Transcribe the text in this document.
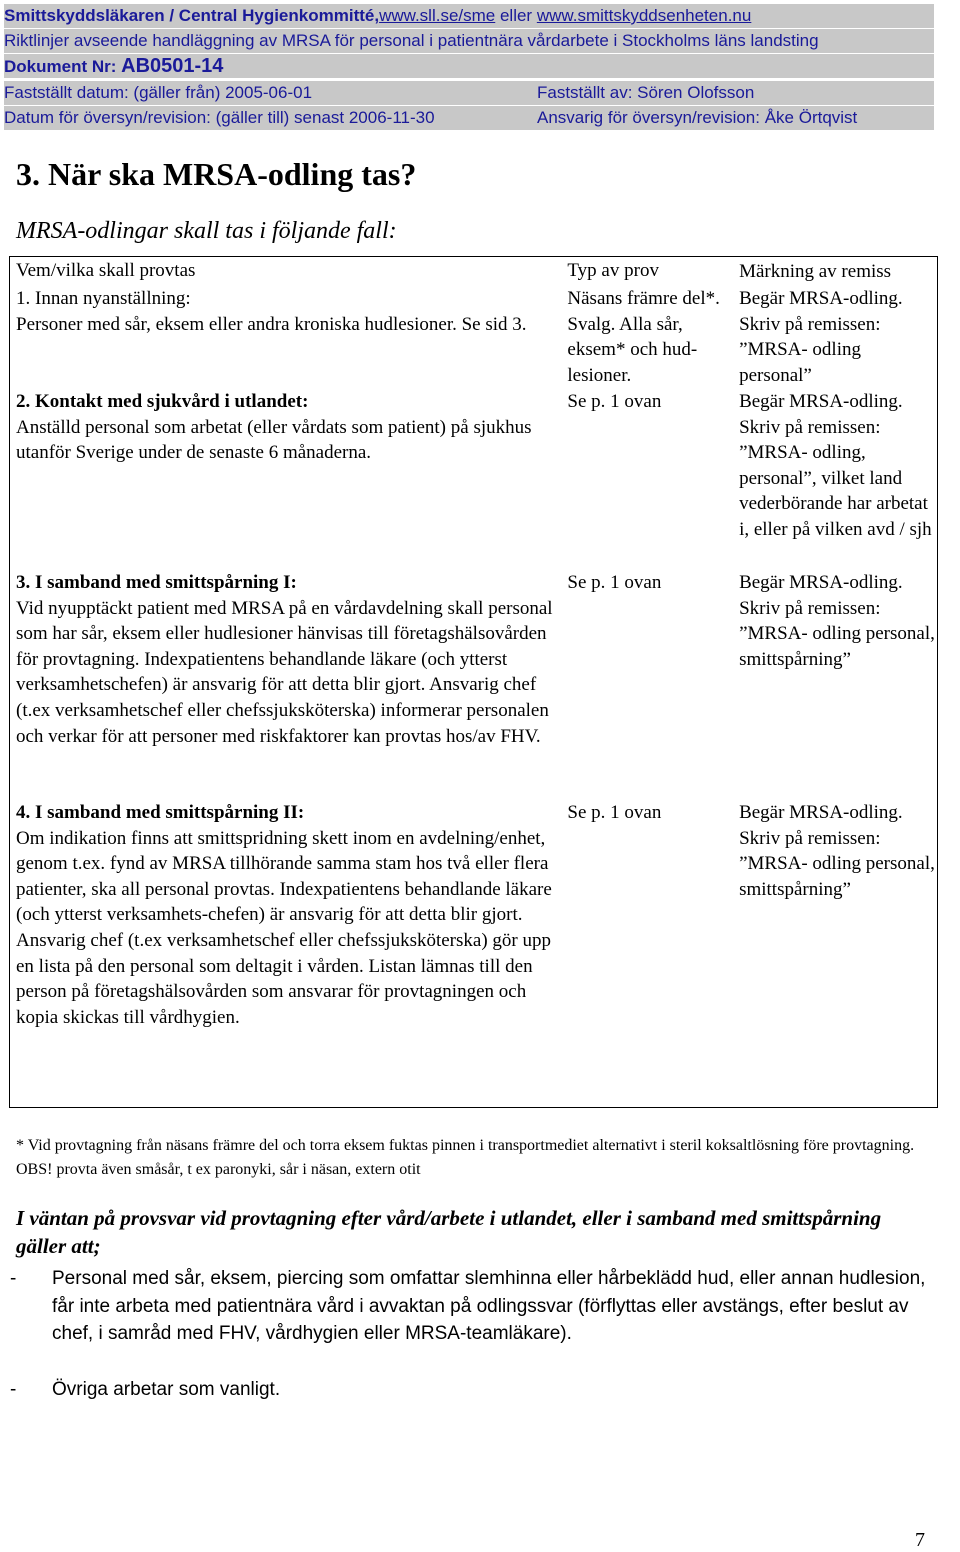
Smittskyddsläkaren / Central Hygienkommitté,www.sll.se/sme eller www.smittskyddsenheten.nu
Riktlinjer avseende handläggning av MRSA för personal i patientnära vårdarbete i Stockholms läns landsting
Dokument Nr: AB0501-14
Fastställt datum: (gäller från) 2005-06-01	Fastställt av: Sören Olofsson
Datum för översyn/revision: (gäller till) senast 2006-11-30	Ansvarig för översyn/revision: Åke Örtqvist
3. När ska MRSA-odling tas?
MRSA-odlingar skall tas i följande fall:
Vem/vilka skall provtas	Typ av prov	Märkning av remiss

1. Innan nyanställning:
Personer med sår, eksem eller andra kroniska hudlesioner. Se sid 3.	Näsans främre del*. Svalg. Alla sår, eksem* och hud-lesioner.	Begär MRSA-odling. Skriv på remissen: ”MRSA- odling personal”

2. Kontakt med sjukvård i utlandet:
Anställd personal som arbetat (eller vårdats som patient) på sjukhus utanför Sverige under de senaste 6 månaderna.	Se p. 1 ovan	Begär MRSA-odling. Skriv på remissen: ”MRSA- odling, personal”, vilket land vederbörande har arbetat i, eller på vilken avd / sjh

3. I samband med smittspårning I:
Vid nyupptäckt patient med MRSA på en vårdavdelning skall personal som har sår, eksem eller hudlesioner hänvisas till företagshälsovården för provtagning. Indexpatientens behandlande läkare (och ytterst verksamhetschefen) är ansvarig för att detta blir gjort. Ansvarig chef (t.ex verksamhetschef eller chefssjuksköterska) informerar personalen och verkar för att personer med riskfaktorer kan provtas hos/av FHV.	Se p. 1 ovan	Begär MRSA-odling. Skriv på remissen: ”MRSA- odling personal, smittspårning”

4. I samband med smittspårning II:
Om indikation finns att smittspridning skett inom en avdelning/enhet, genom t.ex. fynd av MRSA tillhörande samma stam hos två eller flera patienter, ska all personal provtas. Indexpatientens behandlande läkare (och ytterst verksamhets-chefen) är ansvarig för att detta blir gjort. Ansvarig chef (t.ex verksamhetschef eller chefssjuksköterska) gör upp en lista på den personal som deltagit i vården. Listan lämnas till den person på företagshälsovården som ansvarar för provtagningen och kopia skickas till vårdhygien.	Se p. 1 ovan	Begär MRSA-odling. Skriv på remissen: ”MRSA- odling personal, smittspårning”
* Vid provtagning från näsans främre del och torra eksem fuktas pinnen i transportmediet alternativt i steril koksaltlösning före provtagning. OBS! provta även småsår, t ex paronyki, sår i näsan, extern otit
I väntan på provsvar vid provtagning efter vård/arbete i utlandet, eller i samband med smittspårning gäller att;
- Personal med sår, eksem, piercing som omfattar slemhinna eller hårbeklädd hud, eller annan hudlesion, får inte arbeta med patientnära vård i avvaktan på odlingssvar (förflyttas eller avstängs, efter beslut av chef, i samråd med FHV, vårdhygien eller MRSA-teamläkare).
- Övriga arbetar som vanligt.
7
